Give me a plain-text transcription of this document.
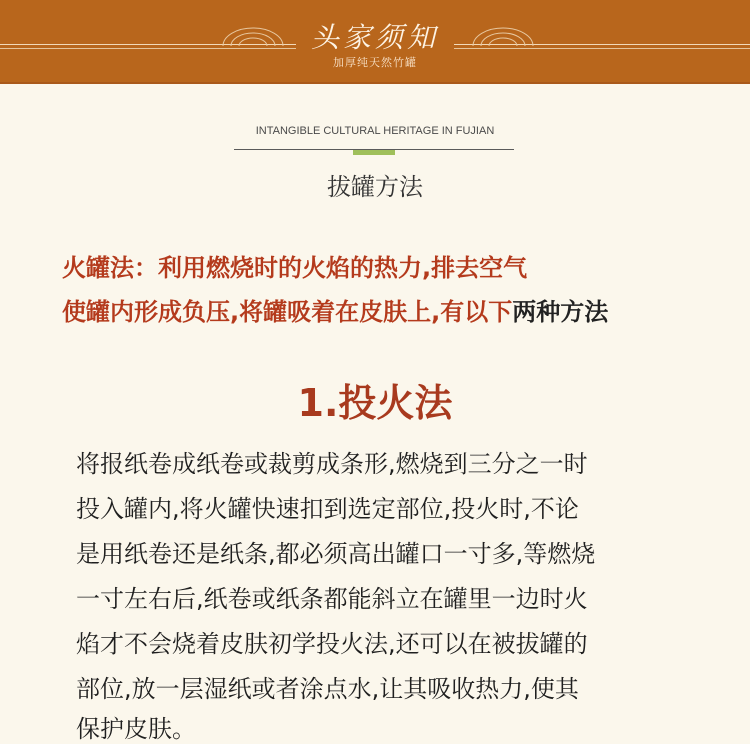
头家须知
加厚纯天然竹罐
INTANGIBLE CULTURAL HERITAGE IN FUJIAN
拔罐方法
火罐法：利用燃烧时的火焰的热力,排去空气
使罐内形成负压,将罐吸着在皮肤上,有以下两种方法
1.投火法
将报纸卷成纸卷或裁剪成条形,燃烧到三分之一时
投入罐内,将火罐快速扣到选定部位,投火时,不论
是用纸卷还是纸条,都必须高出罐口一寸多,等燃烧
一寸左右后,纸卷或纸条都能斜立在罐里一边时火
焰才不会烧着皮肤初学投火法,还可以在被拔罐的
部位,放一层湿纸或者涂点水,让其吸收热力,使其
保护皮肤。
